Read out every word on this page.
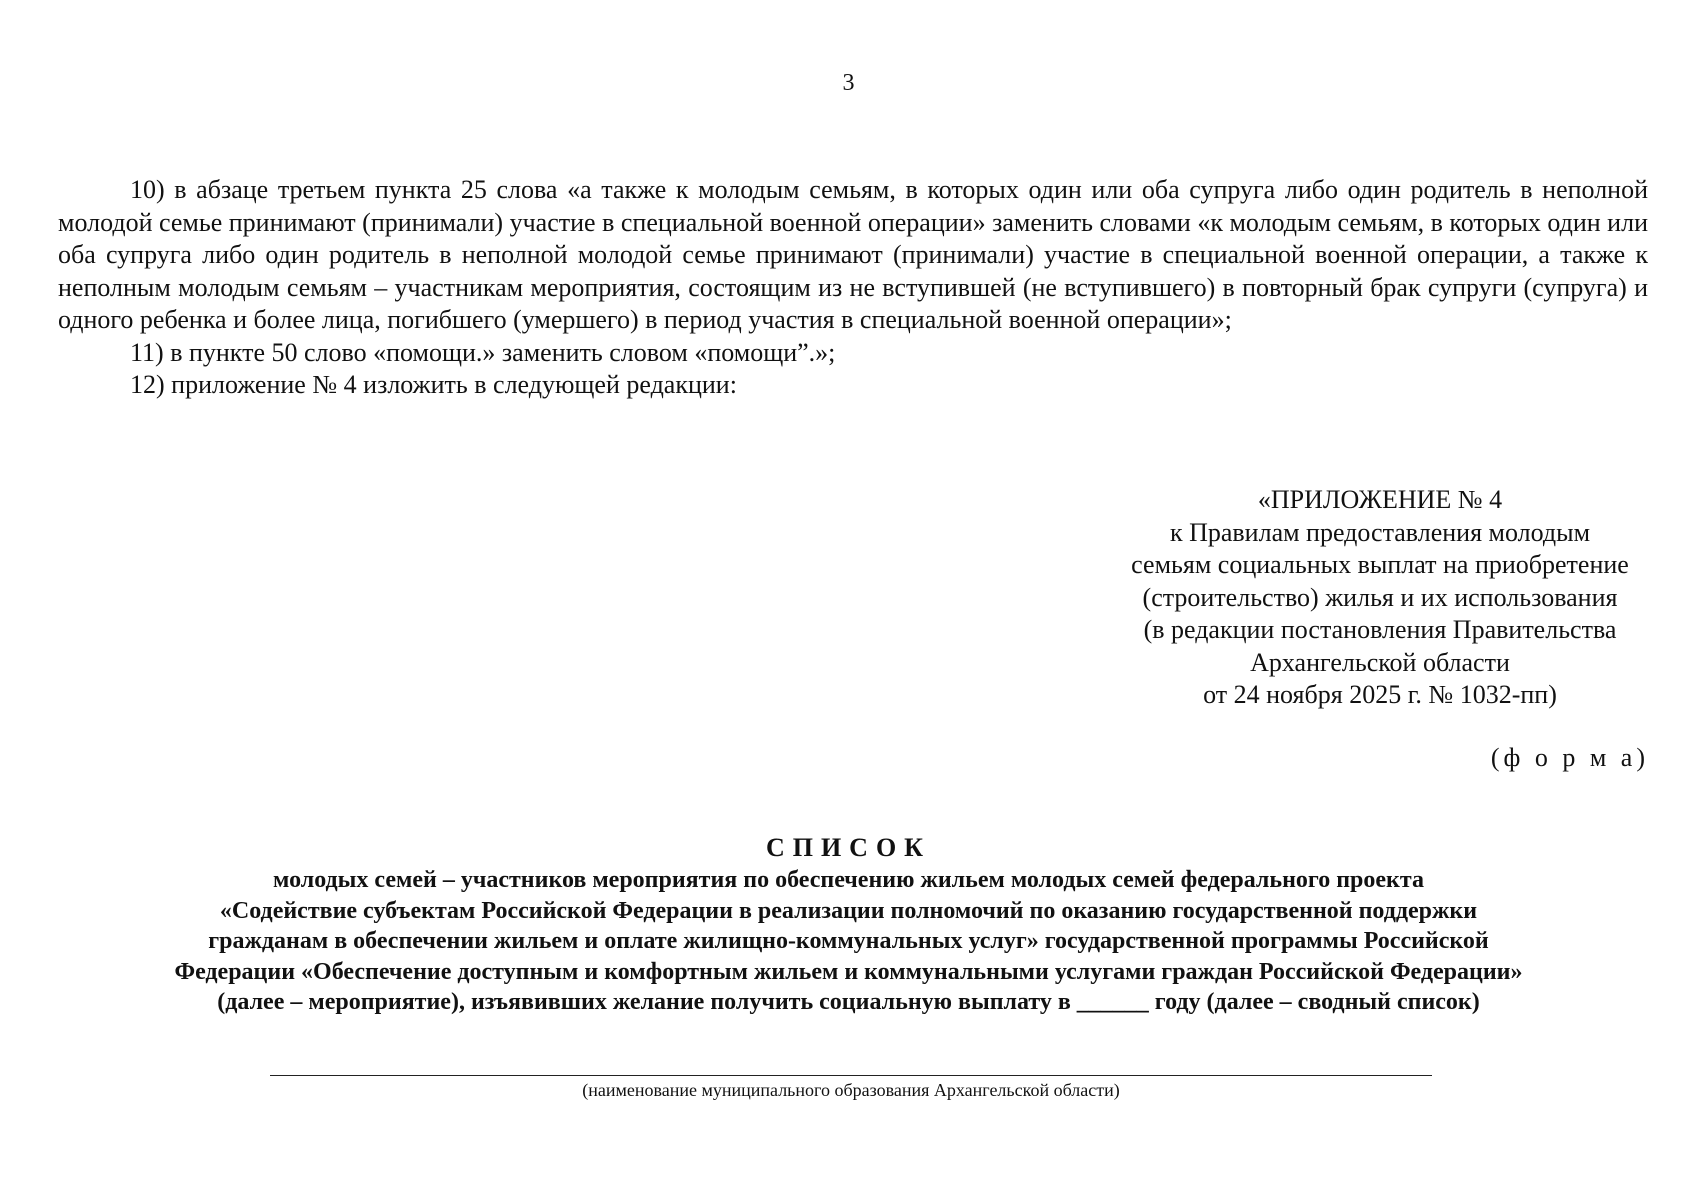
3

10) в абзаце третьем пункта 25 слова «а также к молодым семьям, в которых один или оба супруга либо один родитель в неполной молодой семье принимают (принимали) участие в специальной военной операции» заменить словами «к молодым семьям, в которых один или оба супруга либо один родитель в неполной молодой семье принимают (принимали) участие в специальной военной операции, а также к неполным молодым семьям – участникам мероприятия, состоящим из не вступившей (не вступившего) в повторный брак супруги (супруга) и одного ребенка и более лица, погибшего (умершего) в период участия в специальной военной операции»;

11) в пункте 50 слово «помощи.» заменить словом «помощи”.»;

12) приложение № 4 изложить в следующей редакции:

«ПРИЛОЖЕНИЕ № 4
к Правилам предоставления молодым
семьям социальных выплат на приобретение
(строительство) жилья и их использования
(в редакции постановления Правительства
Архангельской области
от 24 ноября 2025 г. № 1032-пп)
(ф о р м а)
СПИСОК
молодых семей – участников мероприятия по обеспечению жильем молодых семей федерального проекта
«Содействие субъектам Российской Федерации в реализации полномочий по оказанию государственной поддержки
гражданам в обеспечении жильем и оплате жилищно-коммунальных услуг» государственной программы Российской
Федерации «Обеспечение доступным и комфортным жильем и коммунальными услугами граждан Российской Федерации»
(далее – мероприятие), изъявивших желание получить социальную выплату в ______ году (далее – сводный список)
(наименование муниципального образования Архангельской области)
